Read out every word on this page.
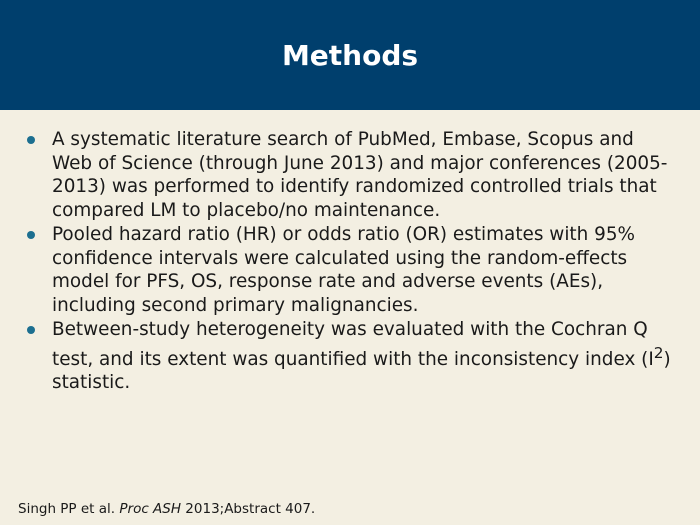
Methods
A systematic literature search of PubMed, Embase, Scopus and Web of Science (through June 2013) and major conferences (2005-2013) was performed to identify randomized controlled trials that compared LM to placebo/no maintenance.
Pooled hazard ratio (HR) or odds ratio (OR) estimates with 95% confidence intervals were calculated using the random-effects model for PFS, OS, response rate and adverse events (AEs), including second primary malignancies.
Between-study heterogeneity was evaluated with the Cochran Q test, and its extent was quantified with the inconsistency index $(I^2)$ statistic.
Singh PP et al. Proc ASH 2013;Abstract 407.
